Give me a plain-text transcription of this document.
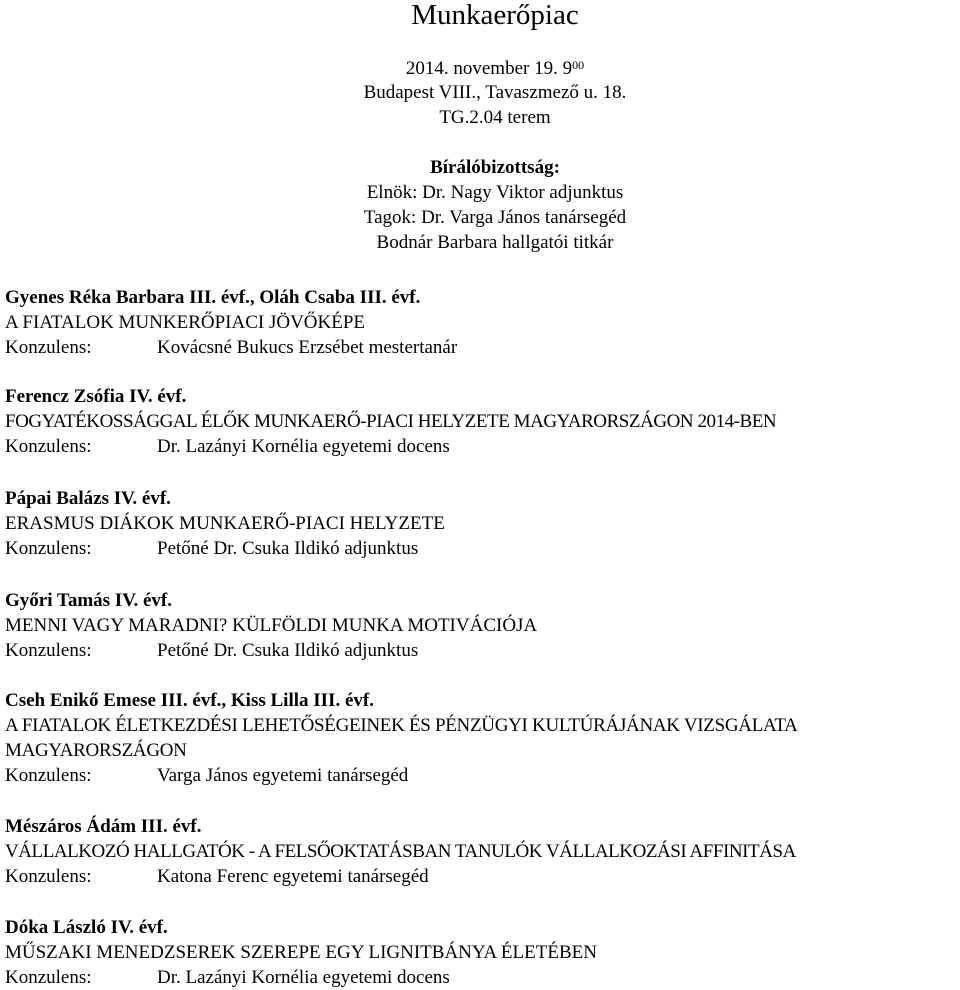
Munkaerőpiac
2014. november 19. $9^{00}$
Budapest VIII., Tavaszmező u. 18.
TG.2.04 terem
Bírálóbizottság:
Elnök: Dr. Nagy Viktor adjunktus
Tagok: Dr. Varga János tanársegéd
Bodnár Barbara hallgatói titkár
Gyenes Réka Barbara III. évf., Oláh Csaba III. évf.
A FIATALOK MUNKERŐPIACI JÖVŐKÉPE
Konzulens:	Kovácsné Bukucs Erzsébet mestertanár
Ferencz Zsófia IV. évf.
FOGYATÉKOSSÁGGAL ÉLŐK MUNKAERŐ-PIACI HELYZETE MAGYARORSZÁGON 2014-BEN
Konzulens:	Dr. Lazányi Kornélia egyetemi docens
Pápai Balázs IV. évf.
ERASMUS DIÁKOK MUNKAERŐ-PIACI HELYZETE
Konzulens:	Petőné Dr. Csuka Ildikó adjunktus
Győri Tamás IV. évf.
MENNI VAGY MARADNI? KÜLFÖLDI MUNKA MOTIVÁCIÓJA
Konzulens:	Petőné Dr. Csuka Ildikó adjunktus
Cseh Enikő Emese III. évf., Kiss Lilla III. évf.
A FIATALOK ÉLETKEZDÉSI LEHETŐSÉGEINEK ÉS PÉNZÜGYI KULTÚRÁJÁNAK VIZSGÁLATA MAGYARORSZÁGON
Konzulens:	Varga János egyetemi tanársegéd
Mészáros Ádám III. évf.
VÁLLALKOZÓ HALLGATÓK - A FELSŐOKTATÁSBAN TANULÓK VÁLLALKOZÁSI AFFINITÁSA
Konzulens:	Katona Ferenc egyetemi tanársegéd
Dóka László IV. évf.
MŰSZAKI MENEDZSEREK SZEREPE EGY LIGNITBÁNYA ÉLETÉBEN
Konzulens:	Dr. Lazányi Kornélia egyetemi docens
